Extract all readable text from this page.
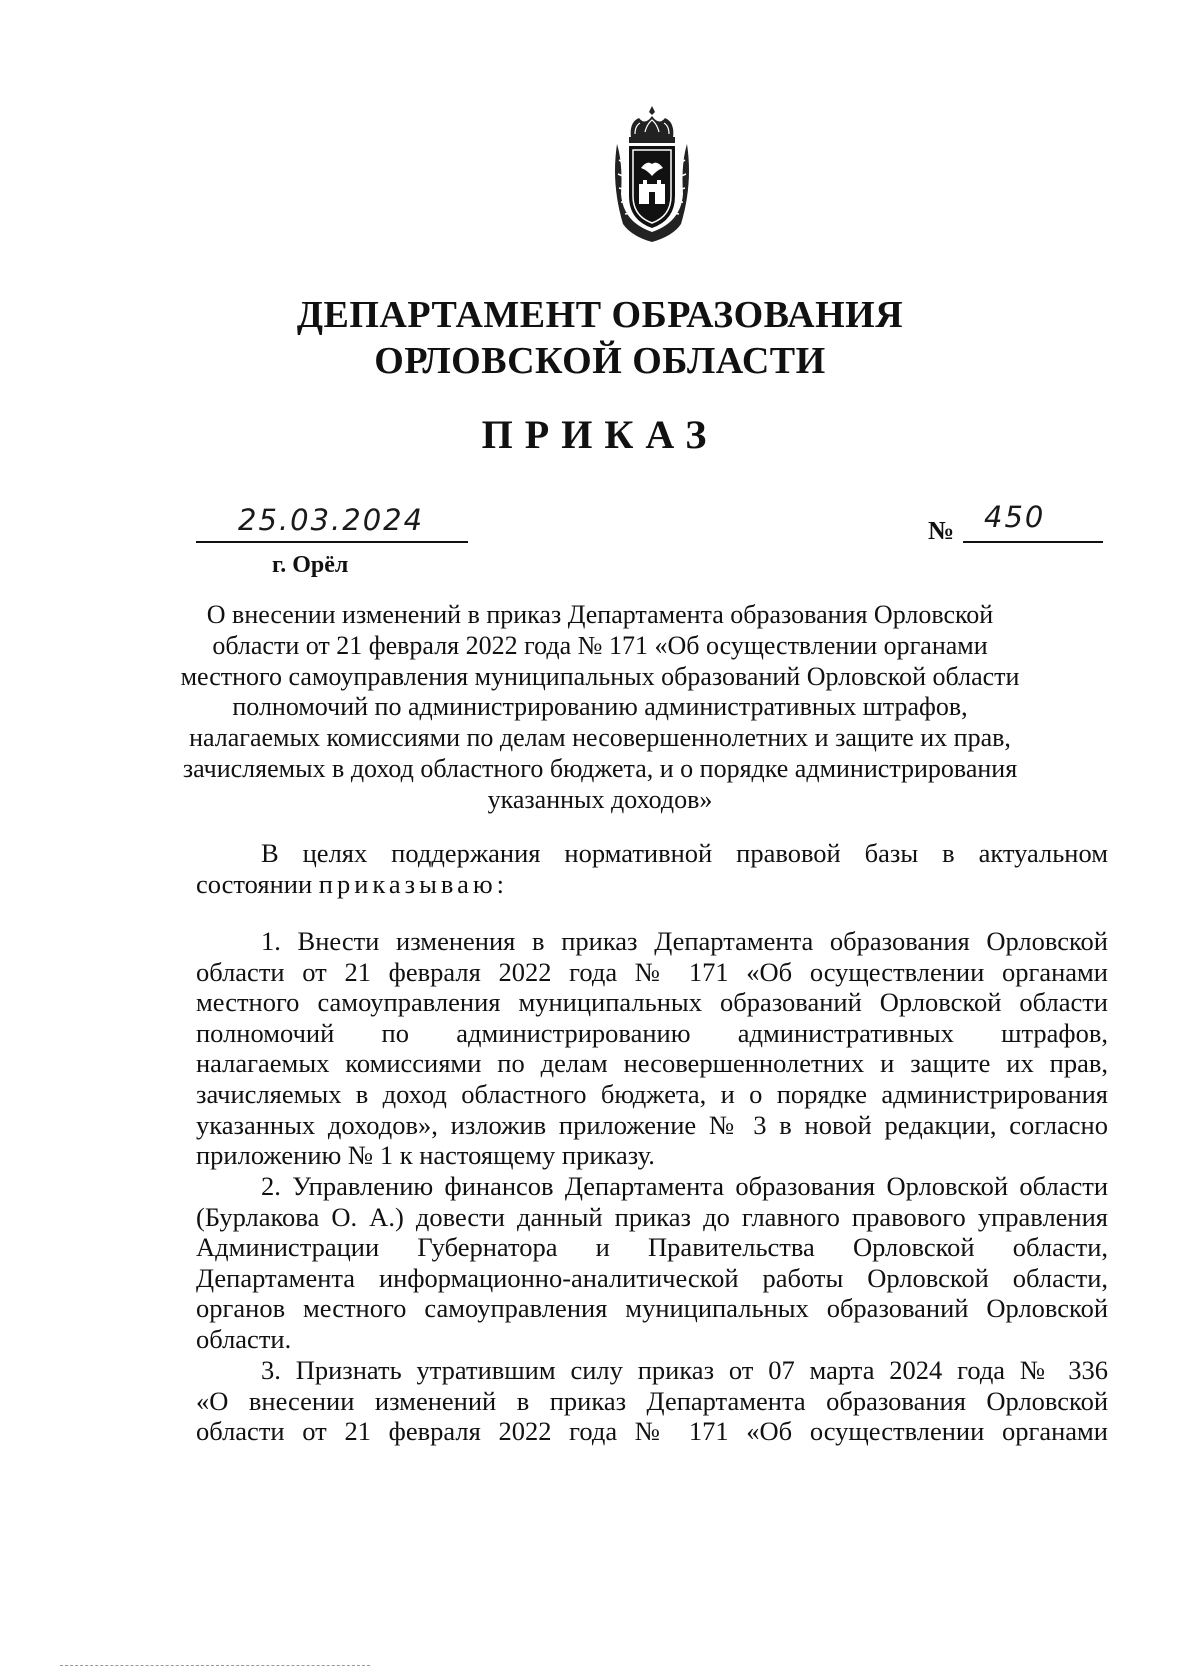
ДЕПАРТАМЕНТ ОБРАЗОВАНИЯ
ОРЛОВСКОЙ ОБЛАСТИ
ПРИКАЗ
25.03.2024	№ 450
г. Орёл
О внесении изменений в приказ Департамента образования Орловской
области от 21 февраля 2022 года № 171 «Об осуществлении органами
местного самоуправления муниципальных образований Орловской области
полномочий по администрированию административных штрафов,
налагаемых комиссиями по делам несовершеннолетних и защите их прав,
зачисляемых в доход областного бюджета, и о порядке администрирования
указанных доходов»
В целях поддержания нормативной правовой базы в актуальном
состоянии приказываю:
1. Внести изменения в приказ Департамента образования Орловской
области от 21 февраля 2022 года № 171 «Об осуществлении органами
местного самоуправления муниципальных образований Орловской области
полномочий по администрированию административных штрафов,
налагаемых комиссиями по делам несовершеннолетних и защите их прав,
зачисляемых в доход областного бюджета, и о порядке администрирования
указанных доходов», изложив приложение № 3 в новой редакции, согласно
приложению № 1 к настоящему приказу.
2. Управлению финансов Департамента образования Орловской области
(Бурлакова О. А.) довести данный приказ до главного правового управления
Администрации Губернатора и Правительства Орловской области,
Департамента информационно-аналитической работы Орловской области,
органов местного самоуправления муниципальных образований Орловской
области.
3. Признать утратившим силу приказ от 07 марта 2024 года № 336
«О внесении изменений в приказ Департамента образования Орловской
области от 21 февраля 2022 года № 171 «Об осуществлении органами
